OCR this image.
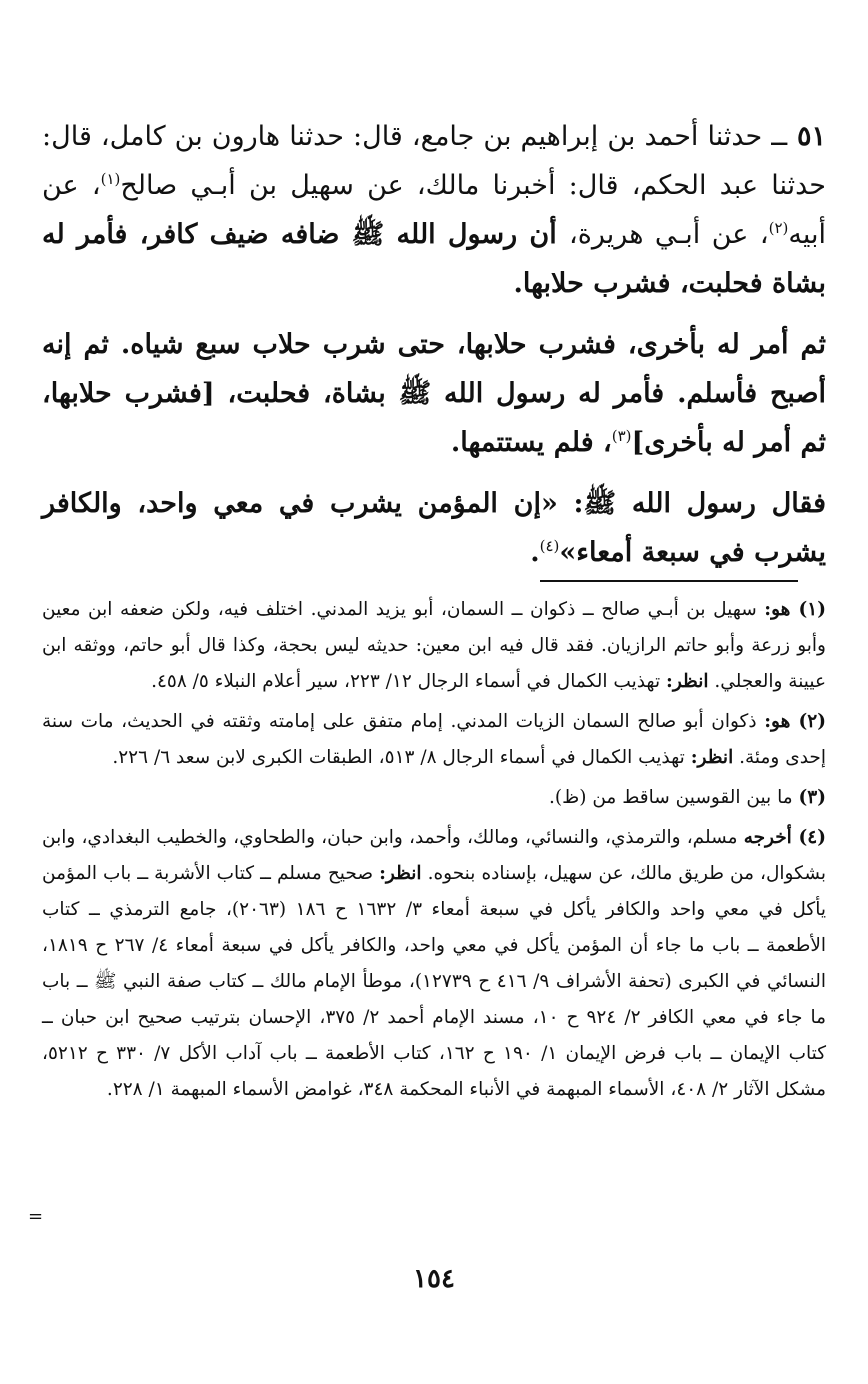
٥١ ــ حدثنا أحمد بن إبراهيم بن جامع، قال: حدثنا هارون بن كامل، قال: حدثنا عبد الحكم، قال: أخبرنا مالك، عن سهيل بن أبـي صالح$^{(١)}$، عن أبيه$^{(٢)}$، عن أبـي هريرة، أن رسول الله ﷺ ضافه ضيف كافر، فأمر له بشاة فحلبت، فشرب حلابها.

ثم أمر له بأخرى، فشرب حلابها، حتى شرب حلاب سبع شياه. ثم إنه أصبح فأسلم. فأمر له رسول الله ﷺ بشاة، فحلبت، [فشرب حلابها، ثم أمر له بأخرى]$^{(٣)}$، فلم يستتمها.

فقال رسول الله ﷺ: «إن المؤمن يشرب في معي واحد، والكافر يشرب في سبعة أمعاء»$^{(٤)}$.

(١) هو: سهيل بن أبـي صالح ــ ذكوان ــ السمان، أبو يزيد المدني. اختلف فيه، ولكن ضعفه ابن معين وأبو زرعة وأبو حاتم الرازيان. فقد قال فيه ابن معين: حديثه ليس بحجة، وكذا قال أبو حاتم، ووثقه ابن عيينة والعجلي. انظر: تهذيب الكمال في أسماء الرجال ١٢/ ٢٢٣، سير أعلام النبلاء ٥/ ٤٥٨.

(٢) هو: ذكوان أبو صالح السمان الزيات المدني. إمام متفق على إمامته وثقته في الحديث، مات سنة إحدى ومئة. انظر: تهذيب الكمال في أسماء الرجال ٨/ ٥١٣، الطبقات الكبرى لابن سعد ٦/ ٢٢٦.

(٣) ما بين القوسين ساقط من (ظ).

(٤) أخرجه مسلم، والترمذي، والنسائي، ومالك، وأحمد، وابن حبان، والطحاوي، والخطيب البغدادي، وابن بشكوال، من طريق مالك، عن سهيل، بإسناده بنحوه. انظر: صحيح مسلم ــ كتاب الأشربة ــ باب المؤمن يأكل في معي واحد والكافر يأكل في سبعة أمعاء ٣/ ١٦٣٢ ح ١٨٦ (٢٠٦٣)، جامع الترمذي ــ كتاب الأطعمة ــ باب ما جاء أن المؤمن يأكل في معي واحد، والكافر يأكل في سبعة أمعاء ٤/ ٢٦٧ ح ١٨١٩، النسائي في الكبرى (تحفة الأشراف ٩/ ٤١٦ ح ١٢٧٣٩)، موطأ الإمام مالك ــ كتاب صفة النبي ﷺ ــ باب ما جاء في معي الكافر ٢/ ٩٢٤ ح ١٠، مسند الإمام أحمد ٢/ ٣٧٥، الإحسان بترتيب صحيح ابن حبان ــ كتاب الإيمان ــ باب فرض الإيمان ١/ ١٩٠ ح ١٦٢، كتاب الأطعمة ــ باب آداب الأكل ٧/ ٣٣٠ ح ٥٢١٢، مشكل الآثار ٢/ ٤٠٨، الأسماء المبهمة في الأنباء المحكمة ٣٤٨، غوامض الأسماء المبهمة ١/ ٢٢٨.

=
١٥٤
